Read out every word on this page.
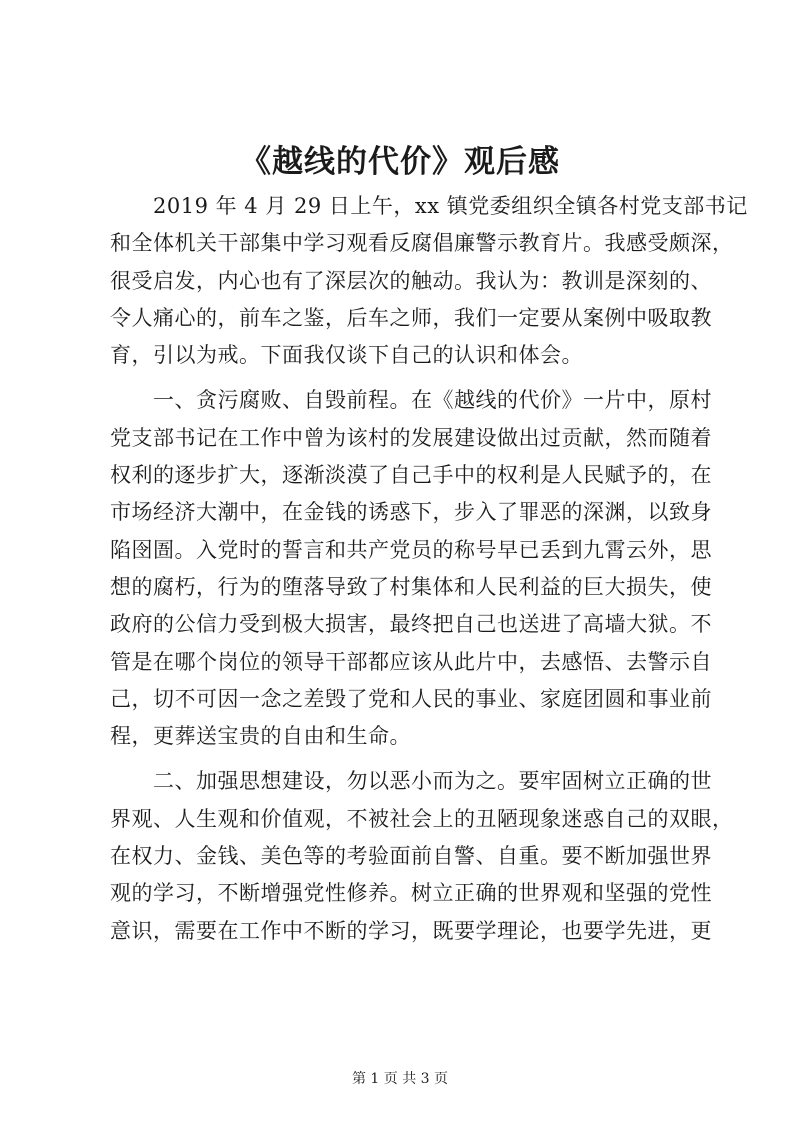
《越线的代价》观后感
　　2019 年 4 月 29 日上午，xx 镇党委组织全镇各村党支部书记
和全体机关干部集中学习观看反腐倡廉警示教育片。我感受颇深，
很受启发，内心也有了深层次的触动。我认为：教训是深刻的、
令人痛心的，前车之鉴，后车之师，我们一定要从案例中吸取教
育，引以为戒。下面我仅谈下自己的认识和体会。
　　一、贪污腐败、自毁前程。在《越线的代价》一片中，原村
党支部书记在工作中曾为该村的发展建设做出过贡献，然而随着
权利的逐步扩大，逐渐淡漠了自己手中的权利是人民赋予的，在
市场经济大潮中，在金钱的诱惑下，步入了罪恶的深渊，以致身
陷囹圄。入党时的誓言和共产党员的称号早已丢到九霄云外，思
想的腐朽，行为的堕落导致了村集体和人民利益的巨大损失，使
政府的公信力受到极大损害，最终把自己也送进了高墙大狱。不
管是在哪个岗位的领导干部都应该从此片中，去感悟、去警示自
己，切不可因一念之差毁了党和人民的事业、家庭团圆和事业前
程，更葬送宝贵的自由和生命。
　　二、加强思想建设，勿以恶小而为之。要牢固树立正确的世
界观、人生观和价值观，不被社会上的丑陋现象迷惑自己的双眼，
在权力、金钱、美色等的考验面前自警、自重。要不断加强世界
观的学习，不断增强党性修养。树立正确的世界观和坚强的党性
意识，需要在工作中不断的学习，既要学理论，也要学先进，更
第 1 页 共 3 页
